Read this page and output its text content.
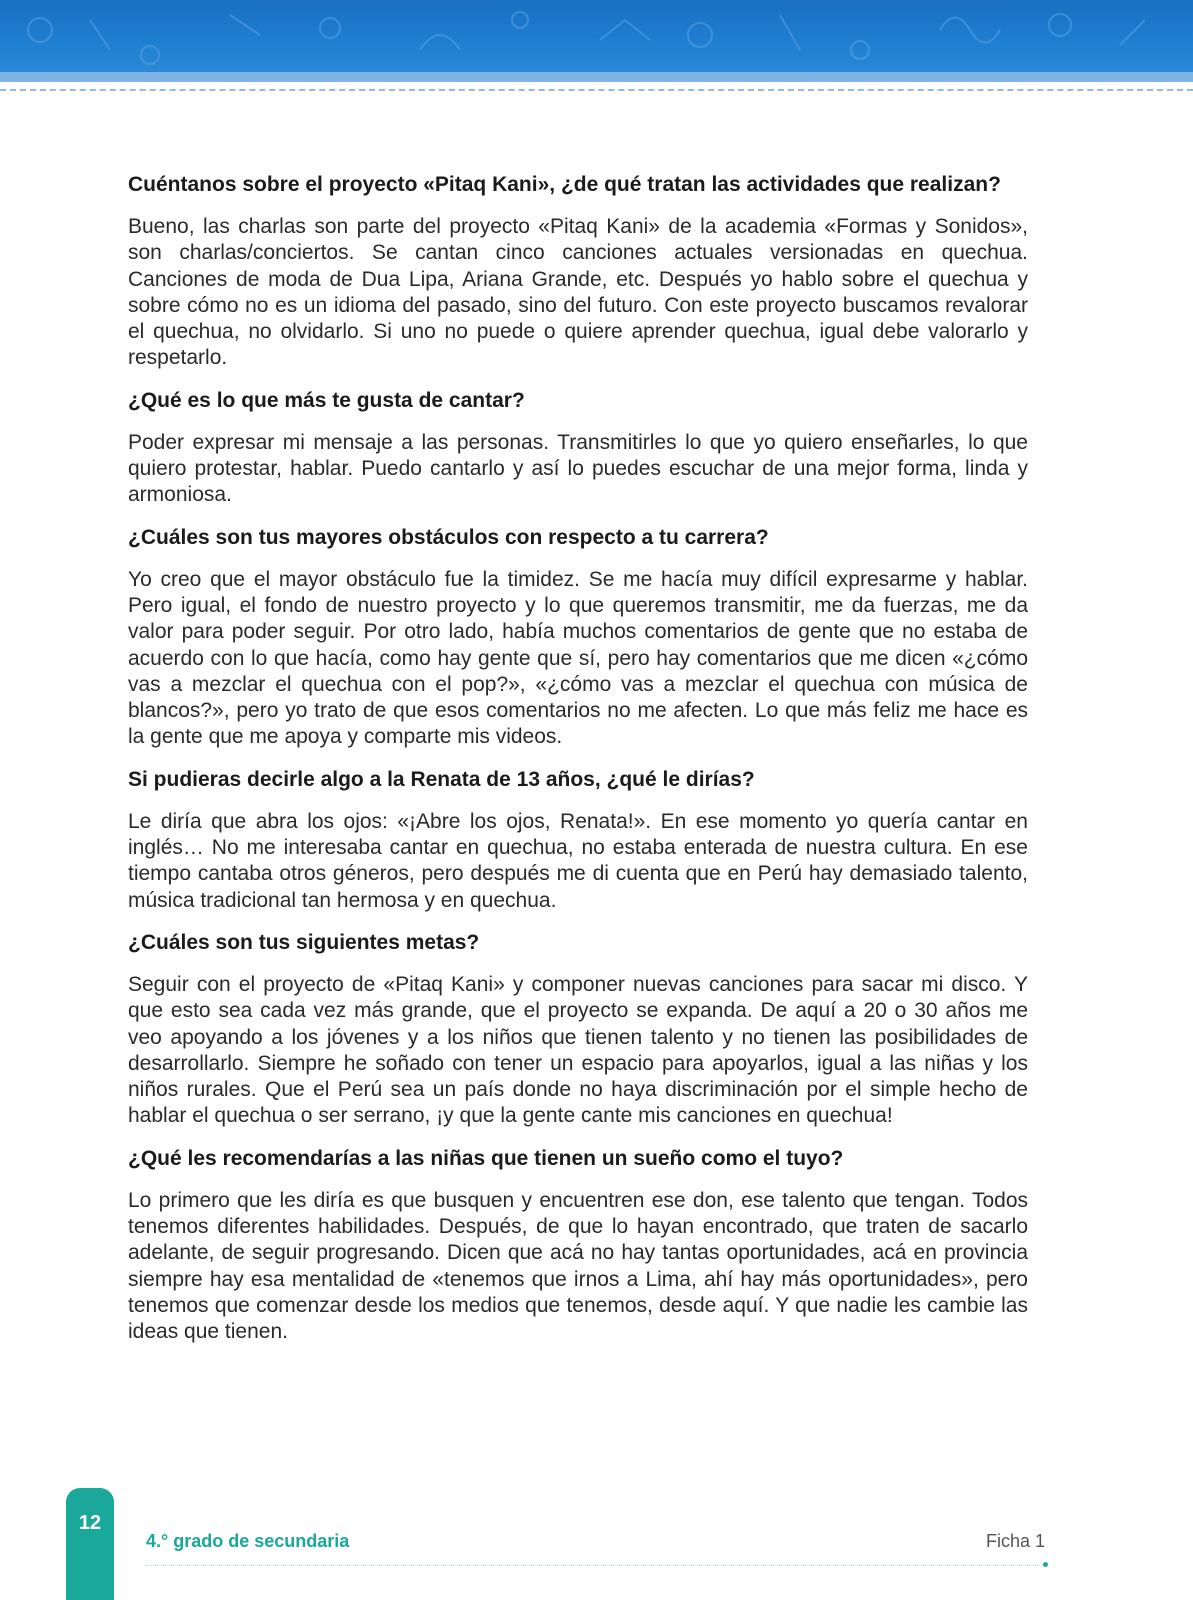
Cuéntanos sobre el proyecto «Pitaq Kani», ¿de qué tratan las actividades que realizan?

Bueno, las charlas son parte del proyecto «Pitaq Kani» de la academia «Formas y Sonidos», son charlas/conciertos. Se cantan cinco canciones actuales versionadas en quechua. Canciones de moda de Dua Lipa, Ariana Grande, etc. Después yo hablo sobre el quechua y sobre cómo no es un idioma del pasado, sino del futuro. Con este proyecto buscamos revalorar el quechua, no olvidarlo. Si uno no puede o quiere aprender quechua, igual debe valorarlo y respetarlo.

¿Qué es lo que más te gusta de cantar?

Poder expresar mi mensaje a las personas. Transmitirles lo que yo quiero enseñarles, lo que quiero protestar, hablar. Puedo cantarlo y así lo puedes escuchar de una mejor forma, linda y armoniosa.

¿Cuáles son tus mayores obstáculos con respecto a tu carrera?

Yo creo que el mayor obstáculo fue la timidez. Se me hacía muy difícil expresarme y hablar. Pero igual, el fondo de nuestro proyecto y lo que queremos transmitir, me da fuerzas, me da valor para poder seguir. Por otro lado, había muchos comentarios de gente que no estaba de acuerdo con lo que hacía, como hay gente que sí, pero hay comentarios que me dicen «¿cómo vas a mezclar el quechua con el pop?», «¿cómo vas a mezclar el quechua con música de blancos?», pero yo trato de que esos comentarios no me afecten. Lo que más feliz me hace es la gente que me apoya y comparte mis videos.

Si pudieras decirle algo a la Renata de 13 años, ¿qué le dirías?

Le diría que abra los ojos: «¡Abre los ojos, Renata!». En ese momento yo quería cantar en inglés… No me interesaba cantar en quechua, no estaba enterada de nuestra cultura. En ese tiempo cantaba otros géneros, pero después me di cuenta que en Perú hay demasiado talento, música tradicional tan hermosa y en quechua.

¿Cuáles son tus siguientes metas?

Seguir con el proyecto de «Pitaq Kani» y componer nuevas canciones para sacar mi disco. Y que esto sea cada vez más grande, que el proyecto se expanda. De aquí a 20 o 30 años me veo apoyando a los jóvenes y a los niños que tienen talento y no tienen las posibilidades de desarrollarlo. Siempre he soñado con tener un espacio para apoyarlos, igual a las niñas y los niños rurales. Que el Perú sea un país donde no haya discriminación por el simple hecho de hablar el quechua o ser serrano, ¡y que la gente cante mis canciones en quechua!

¿Qué les recomendarías a las niñas que tienen un sueño como el tuyo?

Lo primero que les diría es que busquen y encuentren ese don, ese talento que tengan. Todos tenemos diferentes habilidades. Después, de que lo hayan encontrado, que traten de sacarlo adelante, de seguir progresando. Dicen que acá no hay tantas oportunidades, acá en provincia siempre hay esa mentalidad de «tenemos que irnos a Lima, ahí hay más oportunidades», pero tenemos que comenzar desde los medios que tenemos, desde aquí. Y que nadie les cambie las ideas que tienen.

12
4.° grado de secundaria	Ficha 1
